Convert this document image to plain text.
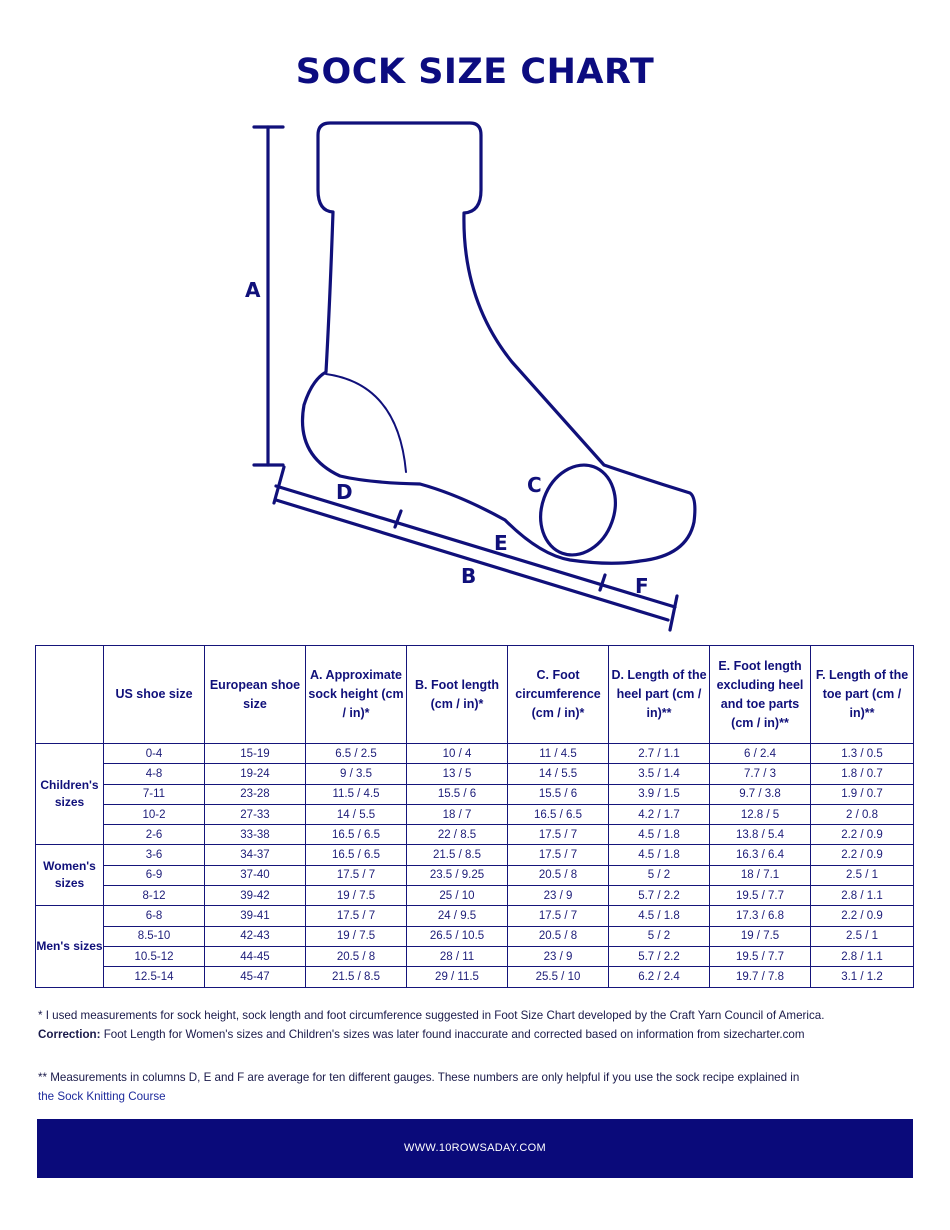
SOCK SIZE CHART
A
B
C
D
E
F
	US shoe size	European shoe size	A. Approximate sock height (cm / in)*	B. Foot length (cm / in)*	C. Foot circumference (cm / in)*	D. Length of the heel part (cm / in)**	E. Foot length excluding heel and toe parts (cm / in)**	F. Length of the toe part (cm / in)**
Children's sizes	0-4	15-19	6.5 / 2.5	10 / 4	11 / 4.5	2.7 / 1.1	6 / 2.4	1.3 / 0.5
	4-8	19-24	9 / 3.5	13 / 5	14 / 5.5	3.5 / 1.4	7.7 / 3	1.8 / 0.7
	7-11	23-28	11.5 / 4.5	15.5 / 6	15.5 / 6	3.9 / 1.5	9.7 / 3.8	1.9 / 0.7
	10-2	27-33	14 / 5.5	18 / 7	16.5 / 6.5	4.2 / 1.7	12.8 / 5	2 / 0.8
	2-6	33-38	16.5 / 6.5	22 / 8.5	17.5 / 7	4.5 / 1.8	13.8 / 5.4	2.2 / 0.9
Women's sizes	3-6	34-37	16.5 / 6.5	21.5 / 8.5	17.5 / 7	4.5 / 1.8	16.3 / 6.4	2.2 / 0.9
	6-9	37-40	17.5 / 7	23.5 / 9.25	20.5 / 8	5 / 2	18 / 7.1	2.5 / 1
	8-12	39-42	19 / 7.5	25 / 10	23 / 9	5.7 / 2.2	19.5 / 7.7	2.8 / 1.1
Men's sizes	6-8	39-41	17.5 / 7	24 / 9.5	17.5 / 7	4.5 / 1.8	17.3 / 6.8	2.2 / 0.9
	8.5-10	42-43	19 / 7.5	26.5 / 10.5	20.5 / 8	5 / 2	19 / 7.5	2.5 / 1
	10.5-12	44-45	20.5 / 8	28 / 11	23 / 9	5.7 / 2.2	19.5 / 7.7	2.8 / 1.1
	12.5-14	45-47	21.5 / 8.5	29 / 11.5	25.5 / 10	6.2 / 2.4	19.7 / 7.8	3.1 / 1.2
* I used measurements for sock height, sock length and foot circumference suggested in Foot Size Chart developed by the Craft Yarn Council of America.
Correction: Foot Length for Women's sizes and Children's sizes was later found inaccurate and corrected based on information from sizecharter.com
** Measurements in columns D, E and F are average for ten different gauges. These numbers are only helpful if you use the sock recipe explained in
the Sock Knitting Course
WWW.10ROWSADAY.COM
